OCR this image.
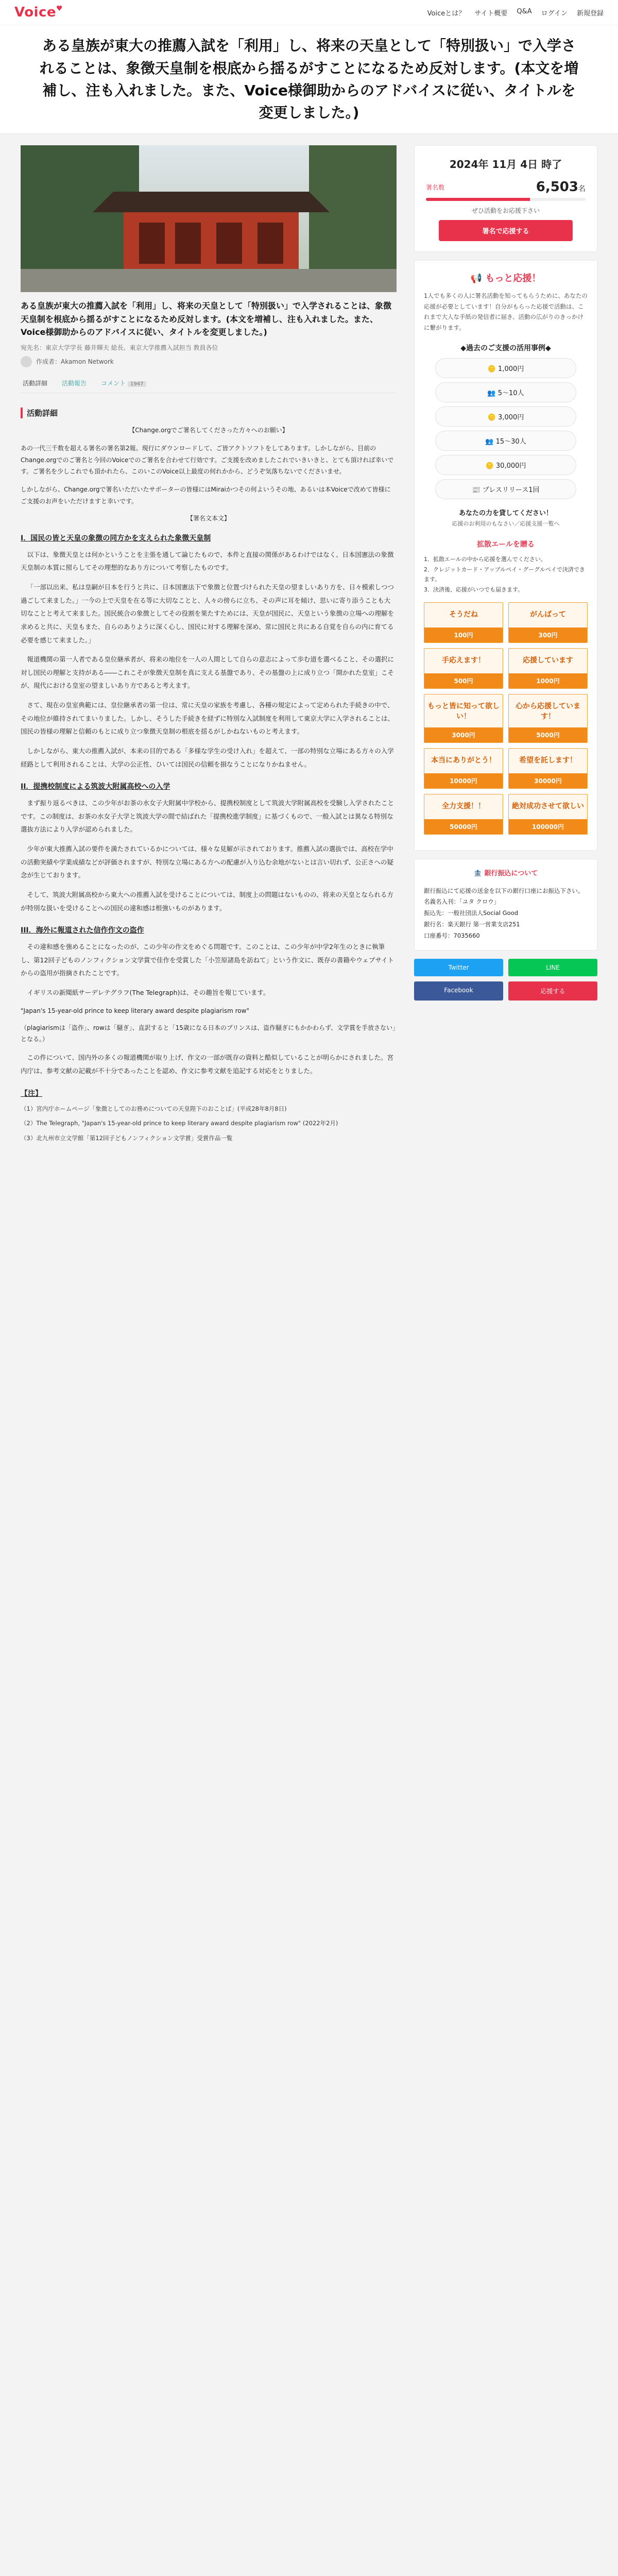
Voice♥
Voiceとは？ サイト概要 Q&A ログイン 新規登録
ある皇族が東大の推薦入試を「利用」し、将来の天皇として「特別扱い」で入学されることは、象徴天皇制を根底から揺るがすことになるため反対します。(本文を増補し、注も入れました。また、Voice様御助からのアドバイスに従い、タイトルを変更しました。)
ある皇族が東大の推薦入試を「利用」し、将来の天皇として「特別扱い」で入学されることは、象徴天皇制を根底から揺るがすことになるため反対します。(本文を増補し、注も入れました。また、Voice様御助からのアドバイスに従い、タイトルを変更しました。)
宛先名：東京大学学長 藤井輝夫 総長、東京大学推薦入試担当 教員各位
作成者：Akamon Network
活動詳細 活動報告 コメント 1947
活動詳細
【Change.orgでご署名してくださった方々へのお願い】
あの一代三千数を超える署名の署名第2報。現行にダウンロードして、ご皆アクトソフトをしてあります。しかしながら、目前のChange.orgでのご署名と今回のVoiceでのご署名を合わせて行効です。ご支援を改めましたこれでいきいきと、とても頂ければ幸いです。ご署名を少しこれでも頂かれたら、このいこのVoice以上最度の何れかから、どうぞ気落ちないでくださいませ。
しかしながら、Change.orgで署名いただいたサポーターの皆様にはMiraiかつその何よいうその地、あるいは本Voiceで改めて皆様にご支援のお声をいただけますと幸いです。
【署名文本文】
I．国民の皆と天皇の象徴の同方かを支えられた象徴天皇制

以下は、象徴天皇とは何かということを主張を通して論じたもので、本件と直接の関係があるわけではなく、日本国憲法の象徴天皇制の本質に照らしてその理想的なあり方について考察したものです。

「一部以出来、私は皇嗣が日本を行うと共に、日本国憲法下で象徴と位置づけられた天皇の望ましいあり方を、日々模索しつつ過ごして来ました。」一今の上で天皇を在る等に大切なことと、人々の傍らに立ち、その声に耳を傾け、思いに寄り添うことも大切なことと考えて来ました。国民統合の象徴としてその役割を果たすためには、天皇が国民に、天皇という象徴の立場への理解を求めると共に、天皇もまた、自らのありように深く心し、国民に対する理解を深め、常に国民と共にある自覚を自らの内に育てる必要を感じて来ました。」

報道機関の第一人者である皇位継承者が、将来の地位を一人の人間として自らの意志によって歩む道を選べること、その選択に対し国民の理解と支持がある――これこそが象徴天皇制を真に支える基盤であり、その基盤の上に成り立つ「開かれた皇室」こそが、現代における皇室の望ましいあり方であると考えます。

さて、現在の皇室典範には、皇位継承者の第一位は、常に天皇の家族を考慮し、各種の規定によって定められた手続きの中で、その地位が維持されてまいりました。しかし、そうした手続きを経ずに特別な入試制度を利用して東京大学に入学されることは、国民の皆様の理解と信頼のもとに成り立つ象徴天皇制の根底を揺るがしかねないものと考えます。

しかしながら、東大の推薦入試が、本来の目的である「多様な学生の受け入れ」を超えて、一部の特別な立場にある方々の入学経路として利用されることは、大学の公正性、ひいては国民の信頼を損なうことになりかねません。

II．提携校制度による筑波大附属高校への入学

まず振り返るべきは、この少年がお茶の水女子大附属中学校から、提携校制度として筑波大学附属高校を受験し入学されたことです。この制度は、お茶の水女子大学と筑波大学の間で結ばれた「提携校進学制度」に基づくもので、一般入試とは異なる特別な選抜方法により入学が認められました。

少年が東大推薦入試の要件を満たされているかについては、様々な見解が示されております。推薦入試の選抜では、高校在学中の活動実績や学業成績などが評価されますが、特別な立場にある方への配慮が入り込む余地がないとは言い切れず、公正さへの疑念が生じております。

そして、筑波大附属高校から東大への推薦入試を受けることについては、制度上の問題はないものの、将来の天皇となられる方が特別な扱いを受けることへの国民の違和感は根強いものがあります。

III．海外に報道された信作作文の盗作

その違和感を強めることになったのが、この少年の作文をめぐる問題です。このことは、この少年が中学2年生のときに執筆し、第12回子どものノンフィクション文学賞で佳作を受賞した「小笠原諸島を訪ねて」という作文に、既存の書籍やウェブサイトからの盗用が指摘されたことです。

イギリスの新聞紙サーデレテグラフ(The Telegraph)は、その趣旨を報じています。

"Japan's 15-year-old prince to keep literary award despite plagiarism row"
（plagiarismは「盗作」、rowは「騒ぎ」、直訳すると「15歳になる日本のプリンスは、盗作騒ぎにもかかわらず、文学賞を手放さない」となる。）

この件について、国内外の多くの報道機関が取り上げ、作文の一部が既存の資料と酷似していることが明らかにされました。宮内庁は、参考文献の記載が不十分であったことを認め、作文に参考文献を追記する対応をとりました。

【注】

（1）宮内庁ホームページ「象徴としてのお務めについての天皇陛下のおことば」(平成28年8月8日)

（2）The Telegraph, "Japan's 15-year-old prince to keep literary award despite plagiarism row" (2022年2月)

（3）北九州市立文学館「第12回子どもノンフィクション文学賞」受賞作品一覧

2024年 11月 4日 時了
署名数	6,503名
ぜひ活動をお応援下さい
署名で応援する
📢 もっと応援！
1人でも多くの人に署名活動を知ってもらうために、あなたの応援が必要としています！自分がもらった応援で活動は、これまで大人な手紙の発信者に届き、活動の広がりのきっかけに繋がります。
◆過去のご支援の活用事例◆
🪙 1,000円
👥 5～10人
🪙 3,000円
👥 15～30人
🪙 30,000円
📰 プレスリリース1回
あなたの力を貸してください！
応援のお利用のもなさい／応援支援一覧へ
拡散エールを贈る
1．拡散エールの中から応援を選んでください。
2．クレジットカード・アップルペイ・グーグルペイで決済できます。
3．決済後、応援がいつでも届きます。
そうだね
100円
がんばって
300円
手応えます！
500円
応援しています
1000円
もっと皆に知って欲しい！
3000円
心から応援しています！
5000円
本当にありがとう！
10000円
希望を託します！
30000円
全力支援！！
50000円
絶対成功させて欲しい
100000円
🏦 銀行振込について
銀行振込にて応援の送金を以下の銀行口座にお振込下さい。
名義名入刊：「ユタ クロウ」
振込先：一般社団法人Social Good
銀行名：楽天銀行 第一営業支店251
口座番号：7035660
Twitter	LINE
Facebook	応援する
